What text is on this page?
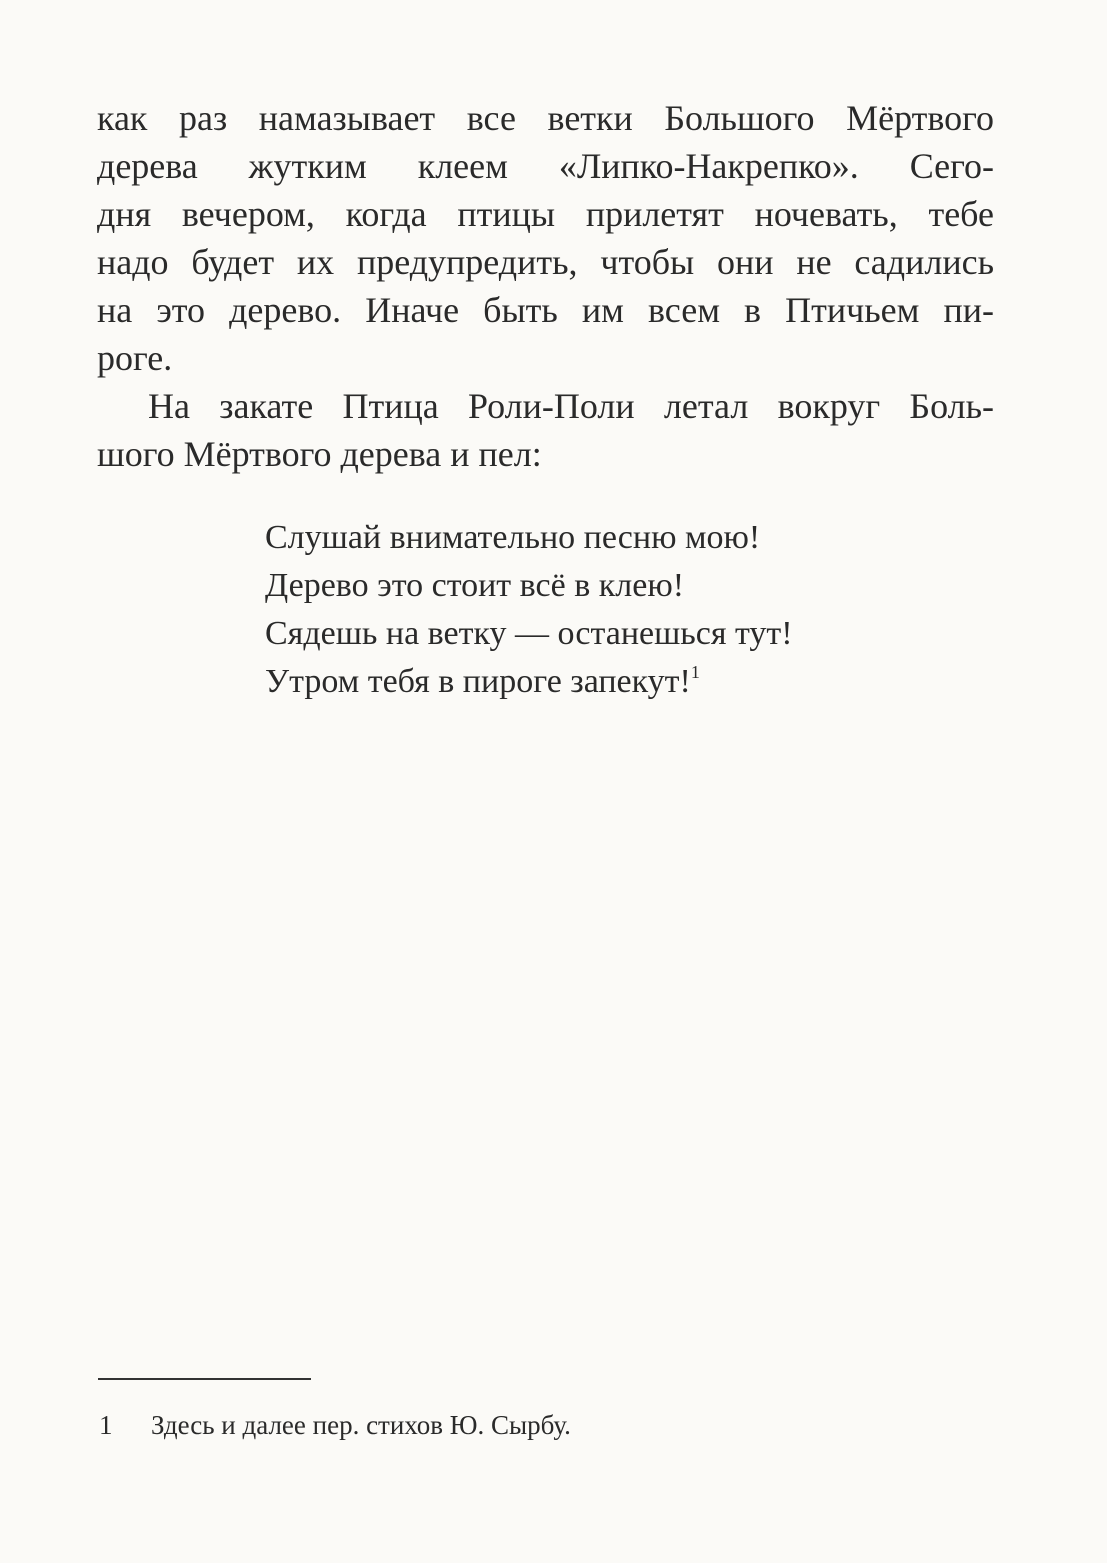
как раз намазывает все ветки Большого Мёртвого
дерева жутким клеем «Липко-Накрепко». Сего-
дня вечером, когда птицы прилетят ночевать, тебе
надо будет их предупредить, чтобы они не садились
на это дерево. Иначе быть им всем в Птичьем пи-
роге.
На закате Птица Роли-Поли летал вокруг Боль-
шого Мёртвого дерева и пел:
Слушай внимательно песню мою!
Дерево это стоит всё в клею!
Сядешь на ветку — останешься тут!
Утром тебя в пироге запекут!$^1$
1 Здесь и далее пер. стихов Ю. Сырбу.
